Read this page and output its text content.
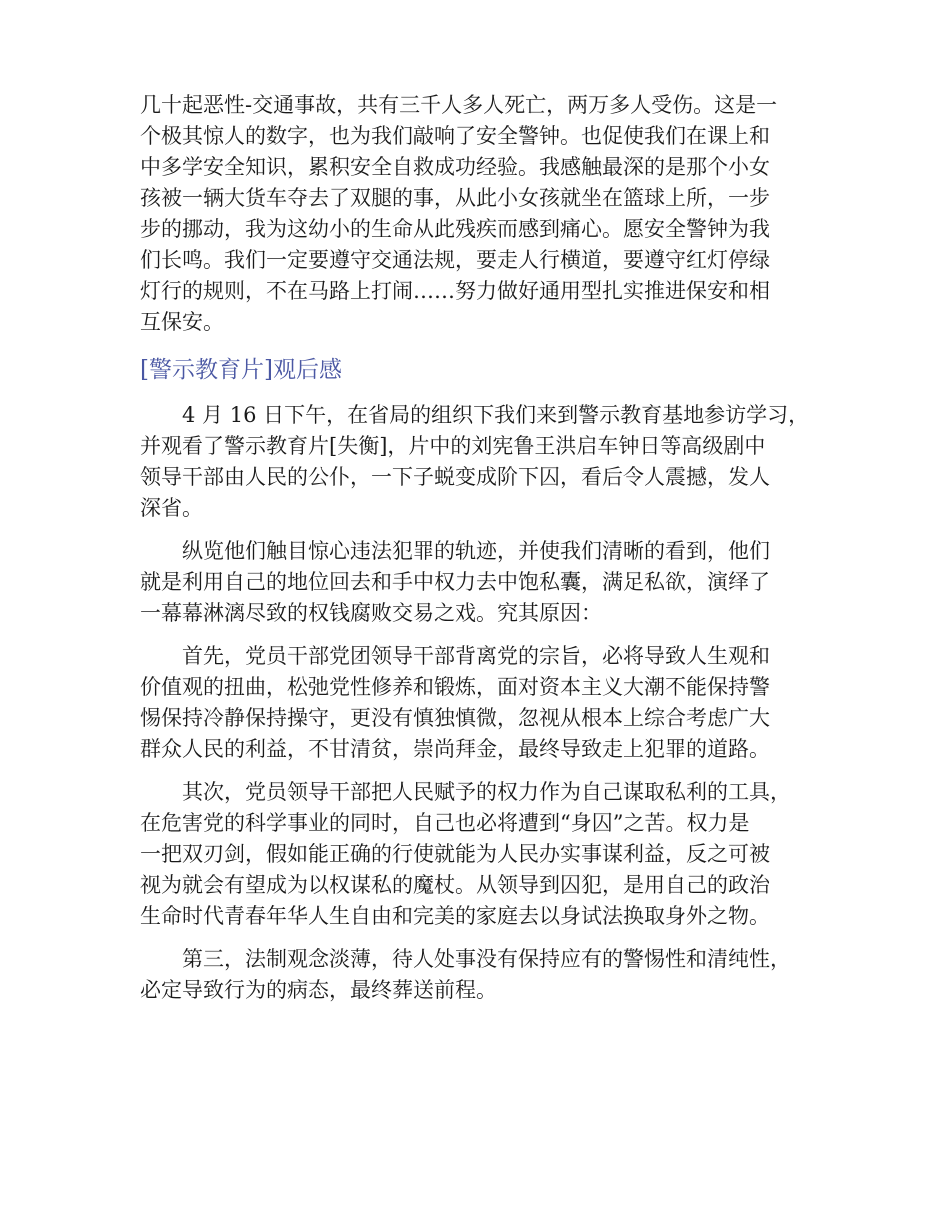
几十起恶性-交通事故，共有三千人多人死亡，两万多人受伤。这是一
个极其惊人的数字，也为我们敲响了安全警钟。也促使我们在课上和
中多学安全知识，累积安全自救成功经验。我感触最深的是那个小女
孩被一辆大货车夺去了双腿的事，从此小女孩就坐在篮球上所，一步
步的挪动，我为这幼小的生命从此残疾而感到痛心。愿安全警钟为我
们长鸣。我们一定要遵守交通法规，要走人行横道，要遵守红灯停绿
灯行的规则，不在马路上打闹……努力做好通用型扎实推进保安和相
互保安。
[警示教育片]观后感
4 月 16 日下午，在省局的组织下我们来到警示教育基地参访学习，
并观看了警示教育片[失衡]，片中的刘宪鲁王洪启车钟日等高级剧中
领导干部由人民的公仆，一下子蜕变成阶下囚，看后令人震撼，发人
深省。
纵览他们触目惊心违法犯罪的轨迹，并使我们清晰的看到，他们
就是利用自己的地位回去和手中权力去中饱私囊，满足私欲，演绎了
一幕幕淋漓尽致的权钱腐败交易之戏。究其原因：
首先，党员干部党团领导干部背离党的宗旨，必将导致人生观和
价值观的扭曲，松弛党性修养和锻炼，面对资本主义大潮不能保持警
惕保持冷静保持操守，更没有慎独慎微，忽视从根本上综合考虑广大
群众人民的利益，不甘清贫，崇尚拜金，最终导致走上犯罪的道路。
其次，党员领导干部把人民赋予的权力作为自己谋取私利的工具，
在危害党的科学事业的同时，自己也必将遭到“身囚”之苦。权力是
一把双刃剑，假如能正确的行使就能为人民办实事谋利益，反之可被
视为就会有望成为以权谋私的魔杖。从领导到囚犯，是用自己的政治
生命时代青春年华人生自由和完美的家庭去以身试法换取身外之物。
第三，法制观念淡薄，待人处事没有保持应有的警惕性和清纯性，
必定导致行为的病态，最终葬送前程。
